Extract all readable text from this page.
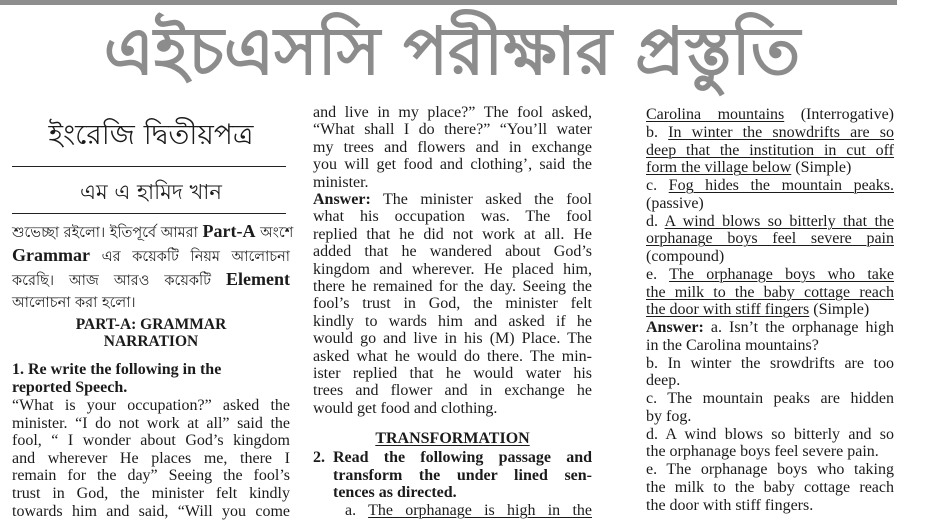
এইচএসসি পরীক্ষার প্রস্তুতি
ইংরেজি দ্বিতীয়পত্র
এম এ হামিদ খান
শুভেচ্ছা রইলো। ইতিপূর্বে আমরা Part-A অংশে
Grammar এর কয়েকটি নিয়ম আলোচনা
করেছি। আজ আরও কয়েকটি Element
আলোচনা করা হলো।
PART-A: GRAMMAR
NARRATION
1. Re write the following in the
reported Speech.
“What is your occupation?” asked the
minister. “I do not work at all” said the
fool, “ I wonder about God’s kingdom
and wherever He places me, there I
remain for the day” Seeing the fool’s
trust in God, the minister felt kindly
towards him and said, “Will you come
and live in my place?” The fool asked,
“What shall I do there?” “You’ll water
my trees and flowers and in exchange
you will get food and clothing’, said the
minister.
Answer: The minister asked the fool
what his occupation was. The fool
replied that he did not work at all. He
added that he wandered about God’s
kingdom and wherever. He placed him,
there he remained for the day. Seeing the
fool’s trust in God, the minister felt
kindly to wards him and asked if he
would go and live in his (M) Place. The
asked what he would do there. The min-
ister replied that he would water his
trees and flower and in exchange he
would get food and clothing.
TRANSFORMATION
2. Read the following passage and
transform the under lined sen-
tences as directed.
a. The orphanage is high in the
Carolina mountains (Interrogative)
b. In winter the snowdrifts are so
deep that the institution in cut off
form the village below (Simple)
c. Fog hides the mountain peaks.
(passive)
d. A wind blows so bitterly that the
orphanage boys feel severe pain
(compound)
e. The orphanage boys who take
the milk to the baby cottage reach
the door with stiff fingers (Simple)
Answer: a. Isn’t the orphanage high
in the Carolina mountains?
b. In winter the srowdrifts are too
deep.
c. The mountain peaks are hidden
by fog.
d. A wind blows so bitterly and so
the orphanage boys feel severe pain.
e. The orphanage boys who taking
the milk to the baby cottage reach
the door with stiff fingers.
